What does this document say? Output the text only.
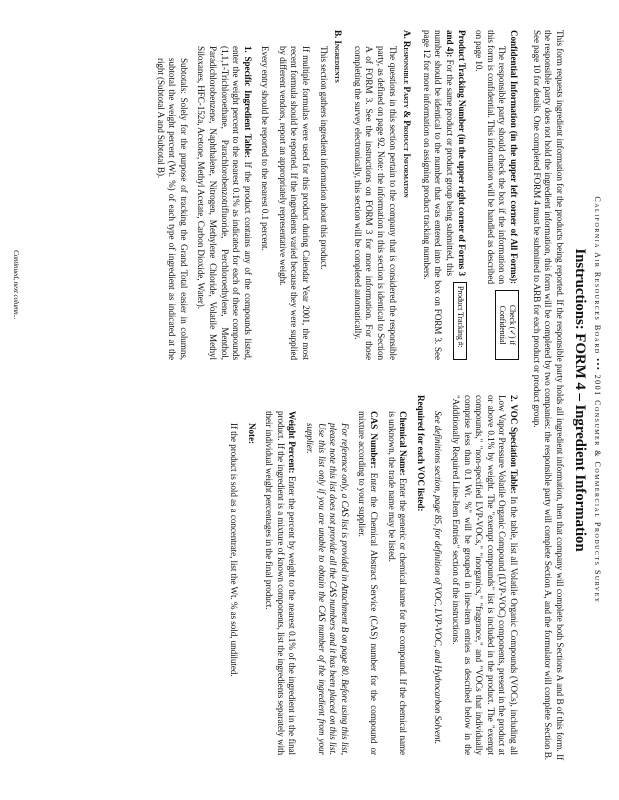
California Air Resources Board ••• 2001 Consumer & Commercial Products Survey
Instructions: FORM 4 – Ingredient Information
This form requests ingredient information for the products being reported. If the responsible party holds all ingredient information, then that company will complete both Sections A and B of this form. If the responsible party does not hold the ingredient information, this form will be completed by two companies: the responsible party will complete Section A, and the formulator will complete Section B. See page 10 for details. One completed FORM 4 must be submitted to ARB for each product or product group.

Check (✓) if Confidential
Confidential Information (in the upper left corner of All Forms): The responsible party should check the box if the information on this form is confidential. This information will be handled as described on page 10.

Product Tracking #:
Product Tracking Number (in the upper right corner of Forms 3 and 4): For the same product or product group being submitted, this number should be identical to the number that was entered into the box on FORM 3. See page 12 for more information on assigning product tracking numbers.

A. Responsible Party & Product Information

The questions in this section pertain to the company that is considered the responsible party, as defined on page 92. Note: the information in this section is identical to Section A of FORM 3. See the instructions on FORM 3 for more information. For those completing the survey electronically, this section will be completed automatically.

B. Ingredients

This section gathers ingredient information about this product.

If multiple formulas were used for this product during Calendar Year 2001, the most recent formula should be reported. If the ingredients varied because they were supplied by different vendors, report an appropriately representative weight.

Every entry should be reported to the nearest 0.1 percent.

1. Specific Ingredient Table: If the product contains any of the compounds listed, enter the weight percent to the nearest 0.1% as indicated for each of these compounds (1,1,1-Trichloroethane, Parachlorobenzotrifluoride, Perchloroethylene, Menthol, Paradichlorobenzene, Naphthalene, Nitrogen, Methylene Chloride, Volatile Methyl Siloxanes, HFC-152a, Acetone, Methyl Acetate, Carbon Dioxide, Water).

Subtotals: Solely for the purpose of tracking the Grand Total easier in columns, subtotal the weight percent (Wt. %) of each type of ingredient as indicated at the right (Subtotal A and Subtotal B).

Continued, next column...

2. VOC Speciation Table: In the table, list all Volatile Organic Compounds (VOCs), including all Low Vapor Pressure Volatile Organic Compound (LVP-VOC) components, present in the product at or above 0.1% by weight. The "exempt compounds" list is included in the product. The "exempt compounds," "non-specified LVP-VOCs," "inorganics," "fragrance," and "VOCs that individually comprise less than 0.1 Wt. %" will be grouped in line-item entries as described below in the "Additionally Required Line-Item Entries" section of the instructions.

See definitions section, page 85, for definition of VOC, LVP-VOC, and Hydrocarbon Solvent.

Required for each VOC listed:

Chemical Name: Enter the generic or chemical name for the compound. If the chemical name is unknown, the trade name may be listed.

CAS Number: Enter the Chemical Abstract Service (CAS) number for the compound or mixture according to your supplier.

For reference only, a CAS list is provided in Attachment B on page 80. Before using this list, please note this list does not provide all the CAS numbers and it has been placed on this list. Use this list only if you are unable to obtain the CAS number of the ingredient from your supplier.

Weight Percent: Enter the percent by weight to the nearest 0.1% of the ingredient in the final product. If the ingredient is a mixture of known components, list the ingredients separately with their individual weight percentages in the final product.

Note:

If the product is sold as a concentrate, list the Wt. % as sold, undiluted.
